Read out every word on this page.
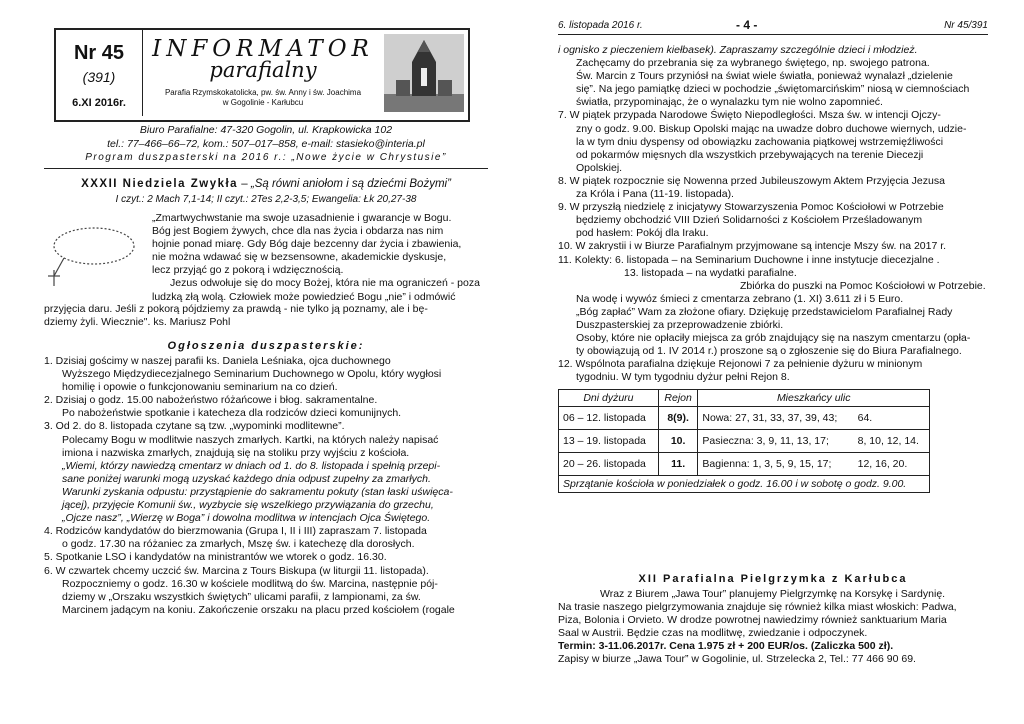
Nr 45
(391)
6.XI 2016r.
INFORMATOR
parafialny
Parafia Rzymskokatolicka, pw. św. Anny i św. Joachima
w Gogolinie - Karłubcu
Biuro Parafialne: 47-320 Gogolin, ul. Krapkowicka 102
tel.: 77–466–66–72, kom.: 507–017–858, e-mail: stasieko@interia.pl
Program duszpasterski na 2016 r.: „Nowe życie w Chrystusie”
XXXII Niedziela Zwykła – „Są równi aniołom i są dziećmi Bożymi”
I czyt.: 2 Mach 7,1-14; II czyt.: 2Tes 2,2-3,5; Ewangelia: Łk 20,27-38

„Zmartwychwstanie ma swoje uzasadnienie i gwarancje w Bogu.

Bóg jest Bogiem żywych, chce dla nas życia i obdarza nas nim

hojnie ponad miarę. Gdy Bóg daje bezcenny dar życia i zbawienia,

nie można wdawać się w bezsensowne, akademickie dyskusje,

lecz przyjąć go z pokorą i wdzięcznością.

Jezus odwołuje się do mocy Bożej, która nie ma ograniczeń - poza

ludzką złą wolą. Człowiek może powiedzieć Bogu „nie” i odmówić

przyjęcia daru. Jeśli z pokorą pójdziemy za prawdą - nie tylko ją poznamy, ale i bę-

dziemy żyli. Wiecznie". ks. Mariusz Pohl

Ogłoszenia duszpasterskie:

1. Dzisiaj gościmy w naszej parafii ks. Daniela Leśniaka, ojca duchownego

Wyższego Międzydiecezjalnego Seminarium Duchownego w Opolu, który wygłosi

homilię i opowie o funkcjonowaniu seminarium na co dzień.

2. Dzisiaj o godz. 15.00 nabożeństwo różańcowe i błog. sakramentalne.

Po nabożeństwie spotkanie i katecheza dla rodziców dzieci komunijnych.

3. Od 2. do 8. listopada czytane są tzw. „wypominki modlitewne”.

Polecamy Bogu w modlitwie naszych zmarłych. Kartki, na których należy napisać

imiona i nazwiska zmarłych, znajdują się na stoliku przy wyjściu z kościoła.

„Wiemi, którzy nawiedzą cmentarz w dniach od 1. do 8. listopada i spełnią przepi-

sane poniżej warunki mogą uzyskać każdego dnia odpust zupełny za zmarłych.

Warunki zyskania odpustu: przystąpienie do sakramentu pokuty (stan łaski uświęca-

jącej), przyjęcie Komunii św., wyzbycie się wszelkiego przywiązania do grzechu,

„Ojcze nasz”, „Wierzę w Boga” i dowolna modlitwa w intencjach Ojca Świętego.

4. Rodziców kandydatów do bierzmowania (Grupa I, II i III) zapraszam 7. listopada

o godz. 17.30 na różaniec za zmarłych, Mszę św. i katechezę dla dorosłych.

5. Spotkanie LSO i kandydatów na ministrantów we wtorek o godz. 16.30.

6. W czwartek chcemy uczcić św. Marcina z Tours Biskupa (w liturgii 11. listopada).

Rozpoczniemy o godz. 16.30 w kościele modlitwą do św. Marcina, następnie pój-

dziemy w „Orszaku wszystkich świętych” ulicami parafii, z lampionami, za św.

Marcinem jadącym na koniu. Zakończenie orszaku na placu przed kościołem (rogale

6. listopada 2016 r.	- 4 -	Nr 45/391

i ognisko z pieczeniem kiełbasek). Zapraszamy szczególnie dzieci i młodzież.

Zachęcamy do przebrania się za wybranego świętego, np. swojego patrona.

Św. Marcin z Tours przyniósł na świat wiele światła, ponieważ wynalazł „dzielenie

się”. Na jego pamiątkę dzieci w pochodzie „świętomarcińskim” niosą w ciemnościach

światła, przypominając, że o wynalazku tym nie wolno zapomnieć.

7. W piątek przypada Narodowe Święto Niepodległości. Msza św. w intencji Ojczy-

zny o godz. 9.00. Biskup Opolski mając na uwadze dobro duchowe wiernych, udzie-

la w tym dniu dyspensy od obowiązku zachowania piątkowej wstrzemięźliwości

od pokarmów mięsnych dla wszystkich przebywających na terenie Diecezji

Opolskiej.

8. W piątek rozpocznie się Nowenna przed Jubileuszowym Aktem Przyjęcia Jezusa

za Króla i Pana (11-19. listopada).

9. W przyszłą niedzielę z inicjatywy Stowarzyszenia Pomoc Kościołowi w Potrzebie

będziemy obchodzić VIII Dzień Solidarności z Kościołem Prześladowanym

pod hasłem: Pokój dla Iraku.

10. W zakrystii i w Biurze Parafialnym przyjmowane są intencje Mszy św. na 2017 r.

11. Kolekty: 6. listopada – na Seminarium Duchowne i inne instytucje diecezjalne .

13. listopada – na wydatki parafialne.

Zbiórka do puszki na Pomoc Kościołowi w Potrzebie.

Na wodę i wywóz śmieci z cmentarza zebrano (1. XI) 3.611 zł i 5 Euro.

„Bóg zapłać” Wam za złożone ofiary. Dziękuję przedstawicielom Parafialnej Rady

Duszpasterskiej za przeprowadzenie zbiórki.

Osoby, które nie opłaciły miejsca za grób znajdujący się na naszym cmentarzu (opła-

ty obowiązują od 1. IV 2014 r.) proszone są o zgłoszenie się do Biura Parafialnego.

12. Wspólnota parafialna dziękuje Rejonowi 7 za pełnienie dyżuru w minionym

tygodniu. W tym tygodniu dyżur pełni Rejon 8.

Dni dyżuru	Rejon	Mieszkańcy ulic	
06 – 12. listopada	8(9).	Nowa: 27, 31, 33, 37, 39, 43;	64.
13 – 19. listopada	10.	Pasieczna: 3, 9, 11, 13, 17;	8, 10, 12, 14.
20 – 26. listopada	11.	Bagienna: 1, 3, 5, 9, 15, 17;	12, 16, 20.
Sprzątanie kościoła w poniedziałek o godz. 16.00 i w sobotę o godz. 9.00.			
XII Parafialna Pielgrzymka z Karłubca

Wraz z Biurem „Jawa Tour” planujemy Pielgrzymkę na Korsykę i Sardynię.

Na trasie naszego pielgrzymowania znajduje się również kilka miast włoskich: Padwa,

Piza, Bolonia i Orvieto. W drodze powrotnej nawiedzimy również sanktuarium Maria

Saal w Austrii. Będzie czas na modlitwę, zwiedzanie i odpoczynek.

Termin: 3-11.06.2017r. Cena 1.975 zł + 200 EUR/os. (Zaliczka 500 zł).

Zapisy w biurze „Jawa Tour” w Gogolinie, ul. Strzelecka 2, Tel.: 77 466 90 69.
